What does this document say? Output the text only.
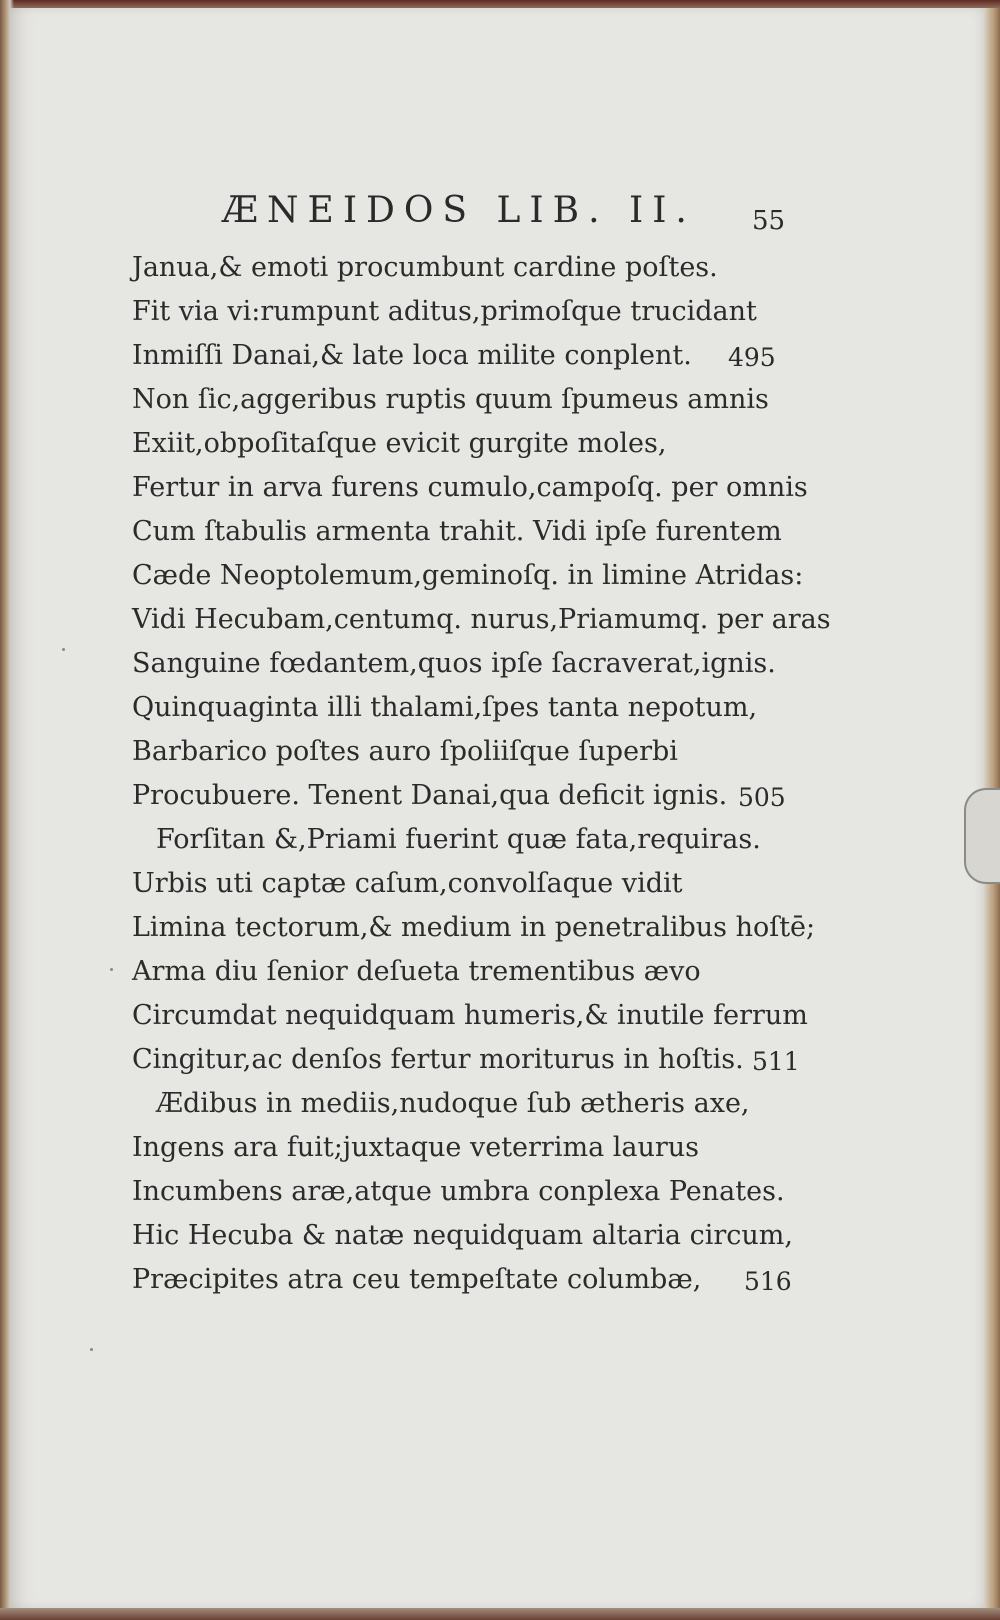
ÆNEIDOS LIB. II. 55
Janua,& emoti procumbunt cardine poſtes.
Fit via vi:rumpunt aditus,primoſque trucidant
Inmiſſi Danai,& late loca milite conplent. 495
Non ſic,aggeribus ruptis quum ſpumeus amnis
Exiit,obpoſitaſque evicit gurgite moles,
Fertur in arva furens cumulo,campoſq. per omnis
Cum ſtabulis armenta trahit. Vidi ipſe furentem
Cæde Neoptolemum,geminoſq. in limine Atridas:
Vidi Hecubam,centumq. nurus,Priamumq. per aras
Sanguine fœdantem,quos ipſe ſacraverat,ignis.
Quinquaginta illi thalami,ſpes tanta nepotum,
Barbarico poſtes auro ſpoliiſque ſuperbi
Procubuere. Tenent Danai,qua deficit ignis. 505
Forſitan &,Priami fuerint quæ fata,requiras.
Urbis uti captæ caſum,convolſaque vidit
Limina tectorum,& medium in penetralibus hoſtē;
Arma diu ſenior deſueta trementibus ævo
Circumdat nequidquam humeris,& inutile ferrum
Cingitur,ac denſos fertur moriturus in hoſtis. 511
Ædibus in mediis,nudoque ſub ætheris axe,
Ingens ara fuit;juxtaque veterrima laurus
Incumbens aræ,atque umbra conplexa Penates.
Hic Hecuba & natæ nequidquam altaria circum,
Præcipites atra ceu tempeſtate columbæ, 516
